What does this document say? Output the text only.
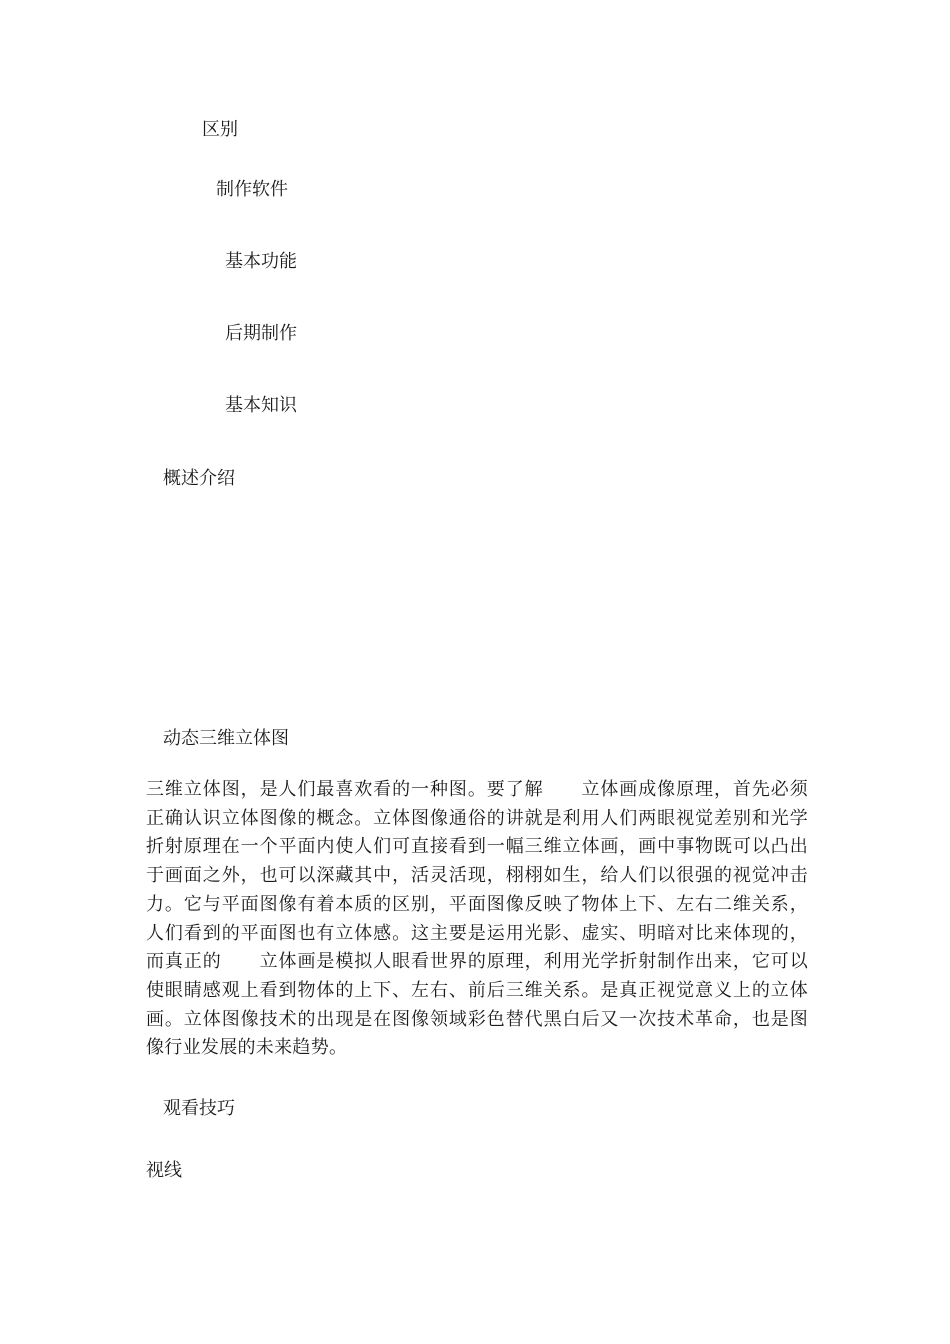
区别
制作软件
基本功能
后期制作
基本知识
概述介绍
动态三维立体图
三维立体图，是人们最喜欢看的一种图。要了解　　立体画成像原理，首先必须
正确认识立体图像的概念。立体图像通俗的讲就是利用人们两眼视觉差别和光学
折射原理在一个平面内使人们可直接看到一幅三维立体画，画中事物既可以凸出
于画面之外，也可以深藏其中，活灵活现，栩栩如生，给人们以很强的视觉冲击
力。它与平面图像有着本质的区别，平面图像反映了物体上下、左右二维关系，
人们看到的平面图也有立体感。这主要是运用光影、虚实、明暗对比来体现的，
而真正的　　立体画是模拟人眼看世界的原理，利用光学折射制作出来，它可以
使眼睛感观上看到物体的上下、左右、前后三维关系。是真正视觉意义上的立体
画。立体图像技术的出现是在图像领域彩色替代黑白后又一次技术革命，也是图
像行业发展的未来趋势。
观看技巧
视线
